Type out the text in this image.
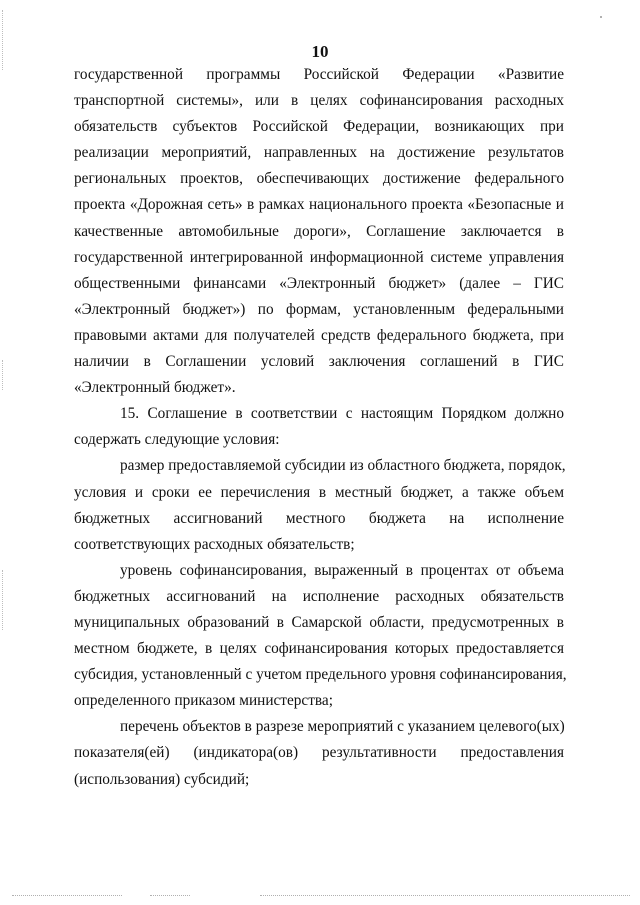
10
государственной программы Российской Федерации «Развитие
транспортной системы», или в целях софинансирования расходных
обязательств субъектов Российской Федерации, возникающих при
реализации мероприятий, направленных на достижение результатов
региональных проектов, обеспечивающих достижение федерального
проекта «Дорожная сеть» в рамках национального проекта «Безопасные и
качественные автомобильные дороги», Соглашение заключается в
государственной интегрированной информационной системе управления
общественными финансами «Электронный бюджет» (далее – ГИС
«Электронный бюджет») по формам, установленным федеральными
правовыми актами для получателей средств федерального бюджета, при
наличии в Соглашении условий заключения соглашений в ГИС
«Электронный бюджет».
15. Соглашение в соответствии с настоящим Порядком должно
содержать следующие условия:
размер предоставляемой субсидии из областного бюджета, порядок,
условия и сроки ее перечисления в местный бюджет, а также объем
бюджетных ассигнований местного бюджета на исполнение
соответствующих расходных обязательств;
уровень софинансирования, выраженный в процентах от объема
бюджетных ассигнований на исполнение расходных обязательств
муниципальных образований в Самарской области, предусмотренных в
местном бюджете, в целях софинансирования которых предоставляется
субсидия, установленный с учетом предельного уровня софинансирования,
определенного приказом министерства;
перечень объектов в разрезе мероприятий с указанием целевого(ых)
показателя(ей) (индикатора(ов) результативности предоставления
(использования) субсидий;
